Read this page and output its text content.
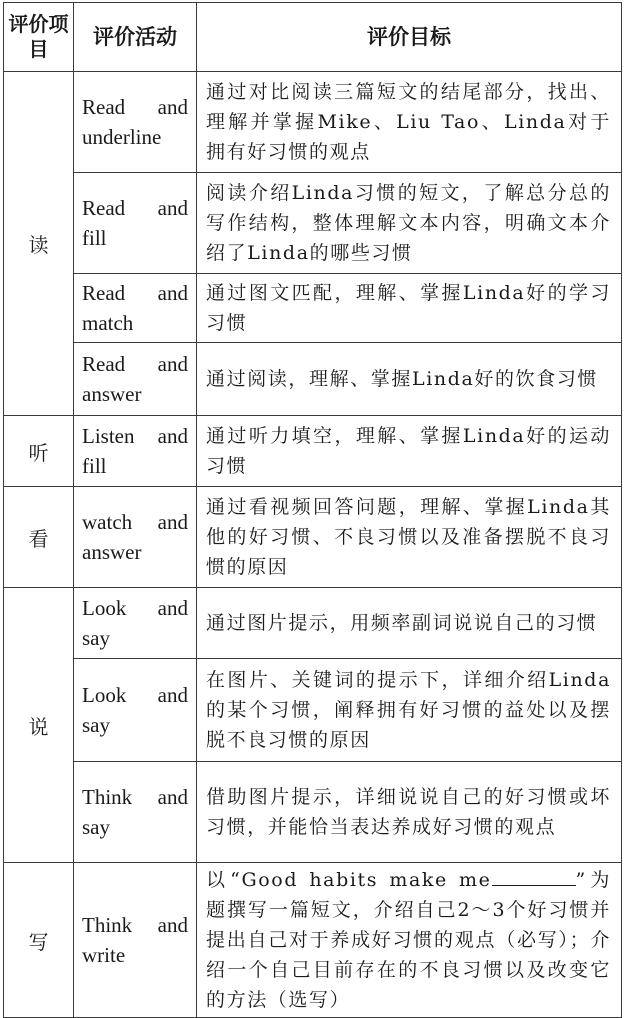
评价项目	评价活动	评价目标
读	Read and underline	通过对比阅读三篇短文的结尾部分，找出、理解并掌握Mike、Liu Tao、Linda对于拥有好习惯的观点
	Read and fill	阅读介绍Linda习惯的短文，了解总分总的写作结构，整体理解文本内容，明确文本介绍了Linda的哪些习惯
	Read and match	通过图文匹配，理解、掌握Linda好的学习习惯
	Read and answer	通过阅读，理解、掌握Linda好的饮食习惯
听	Listen and fill	通过听力填空，理解、掌握Linda好的运动习惯
看	watch and answer	通过看视频回答问题，理解、掌握Linda其他的好习惯、不良习惯以及准备摆脱不良习惯的原因
说	Look and say	通过图片提示，用频率副词说说自己的习惯
	Look and say	在图片、关键词的提示下，详细介绍Linda的某个习惯，阐释拥有好习惯的益处以及摆脱不良习惯的原因
	Think and say	借助图片提示，详细说说自己的好习惯或坏习惯，并能恰当表达养成好习惯的观点
写	Think and write	以“Good habits make me ”为题撰写一篇短文，介绍自己2～3个好习惯并提出自己对于养成好习惯的观点（必写）；介绍一个自己目前存在的不良习惯以及改变它的方法（选写）
